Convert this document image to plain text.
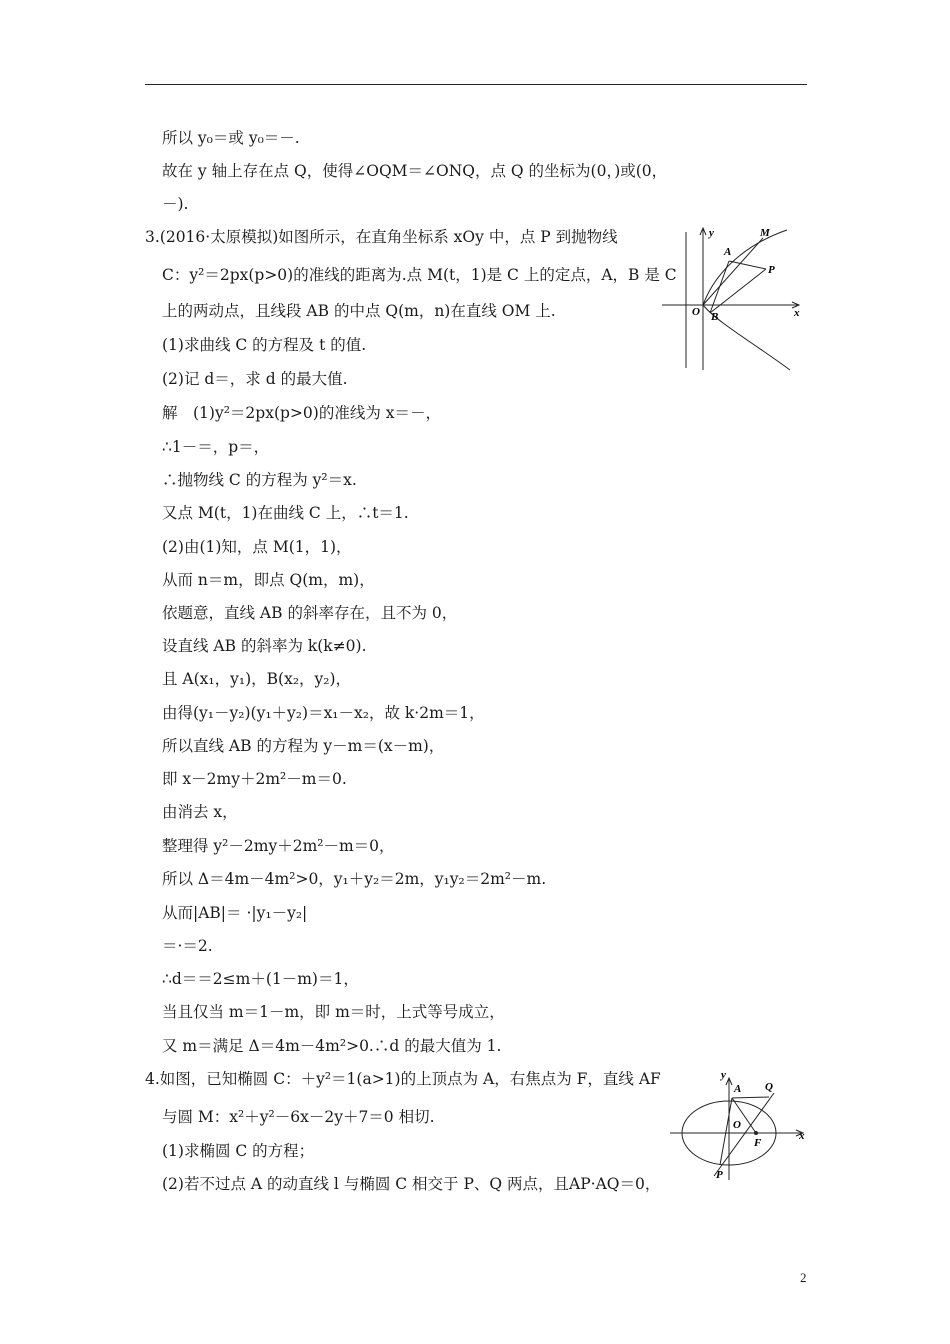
所以 y₀＝或 y₀＝－.
故在 y 轴上存在点 Q，使得∠OQM＝∠ONQ，点 Q 的坐标为(0，)或(0，
－).
3.(2016·太原模拟)如图所示，在直角坐标系 xOy 中，点 P 到抛物线
C：y²＝2px(p>0)的准线的距离为.点 M(t，1)是 C 上的定点，A，B 是 C
上的两动点，且线段 AB 的中点 Q(m，n)在直线 OM 上.
(1)求曲线 C 的方程及 t 的值.
(2)记 d＝，求 d 的最大值.
解　(1)y²＝2px(p>0)的准线为 x＝－，
∴1－＝，p＝，
∴抛物线 C 的方程为 y²＝x.
又点 M(t，1)在曲线 C 上，∴t＝1.
(2)由(1)知，点 M(1，1)，
从而 n＝m，即点 Q(m，m)，
依题意，直线 AB 的斜率存在，且不为 0，
设直线 AB 的斜率为 k(k≠0).
且 A(x₁，y₁)，B(x₂，y₂)，
由得(y₁－y₂)(y₁＋y₂)＝x₁－x₂，故 k·2m＝1，
所以直线 AB 的方程为 y－m＝(x－m)，
即 x－2my＋2m²－m＝0.
由消去 x，
整理得 y²－2my＋2m²－m＝0，
所以 Δ＝4m－4m²>0，y₁＋y₂＝2m，y₁y₂＝2m²－m.
从而|AB|＝ ·|y₁－y₂|
＝·＝2.
∴d＝＝2≤m＋(1－m)＝1，
当且仅当 m＝1－m，即 m＝时，上式等号成立，
又 m＝满足 Δ＝4m－4m²>0.∴d 的最大值为 1.
4.如图，已知椭圆 C：＋y²＝1(a>1)的上顶点为 A，右焦点为 F，直线 AF
与圆 M：x²＋y²－6x－2y＋7＝0 相切.
(1)求椭圆 C 的方程；
(2)若不过点 A 的动直线 l 与椭圆 C 相交于 P、Q 两点，且AP·AQ＝0，
y	M
A
P
O B	x
y
A Q
O
F
x
P
2
